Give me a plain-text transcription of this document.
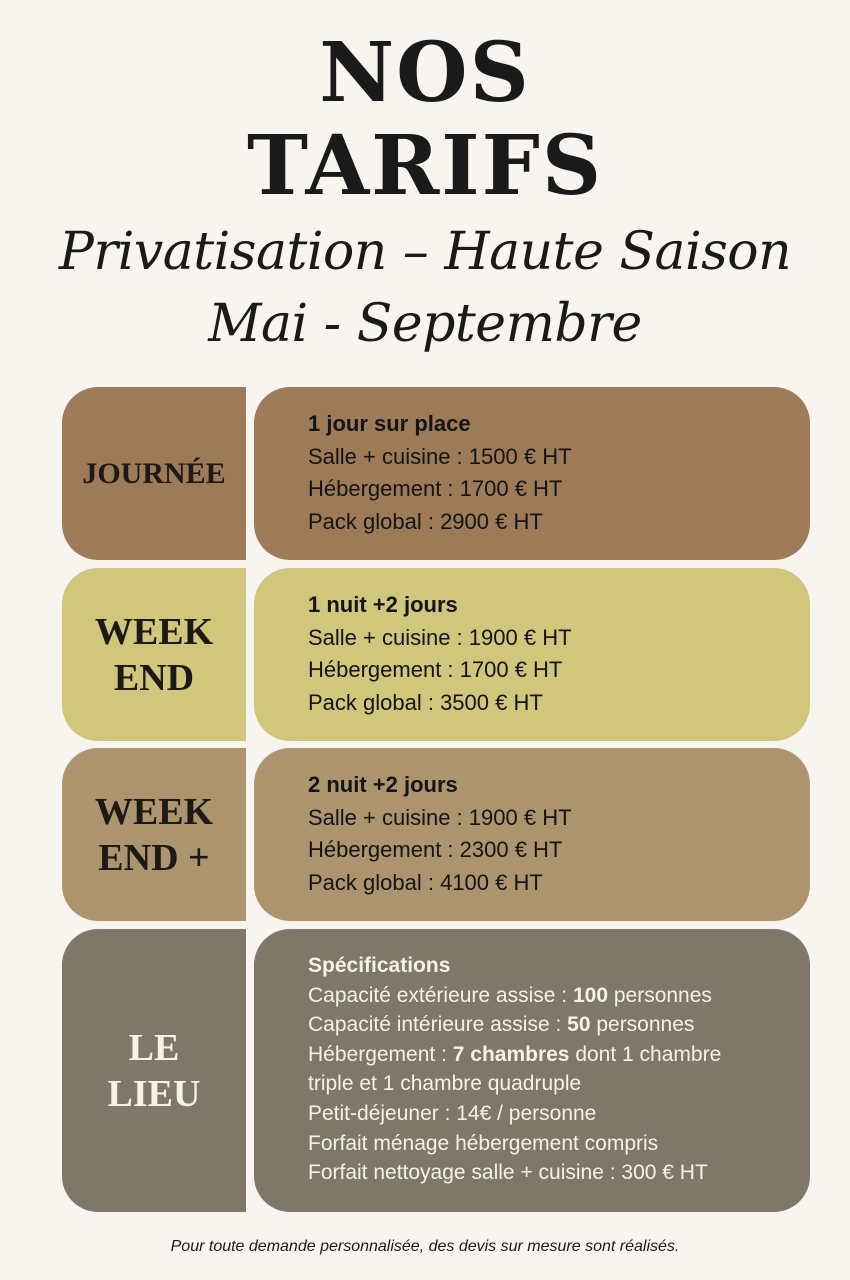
NOS
TARIFS
Privatisation – Haute Saison
Mai - Septembre
JOURNÉE
1 jour sur place
Salle + cuisine : 1500 € HT
Hébergement : 1700 € HT
Pack global : 2900 € HT
WEEK
END
1 nuit +2 jours
Salle + cuisine : 1900 € HT
Hébergement : 1700 € HT
Pack global : 3500 € HT
WEEK
END +
2 nuit +2 jours
Salle + cuisine : 1900 € HT
Hébergement : 2300 € HT
Pack global : 4100 € HT
LE
LIEU
Spécifications
Capacité extérieure assise : 100 personnes
Capacité intérieure assise : 50 personnes
Hébergement : 7 chambres dont 1 chambre
triple et 1 chambre quadruple
Petit-déjeuner : 14€ / personne
Forfait ménage hébergement compris
Forfait nettoyage salle + cuisine : 300 € HT
Pour toute demande personnalisée, des devis sur mesure sont réalisés.
